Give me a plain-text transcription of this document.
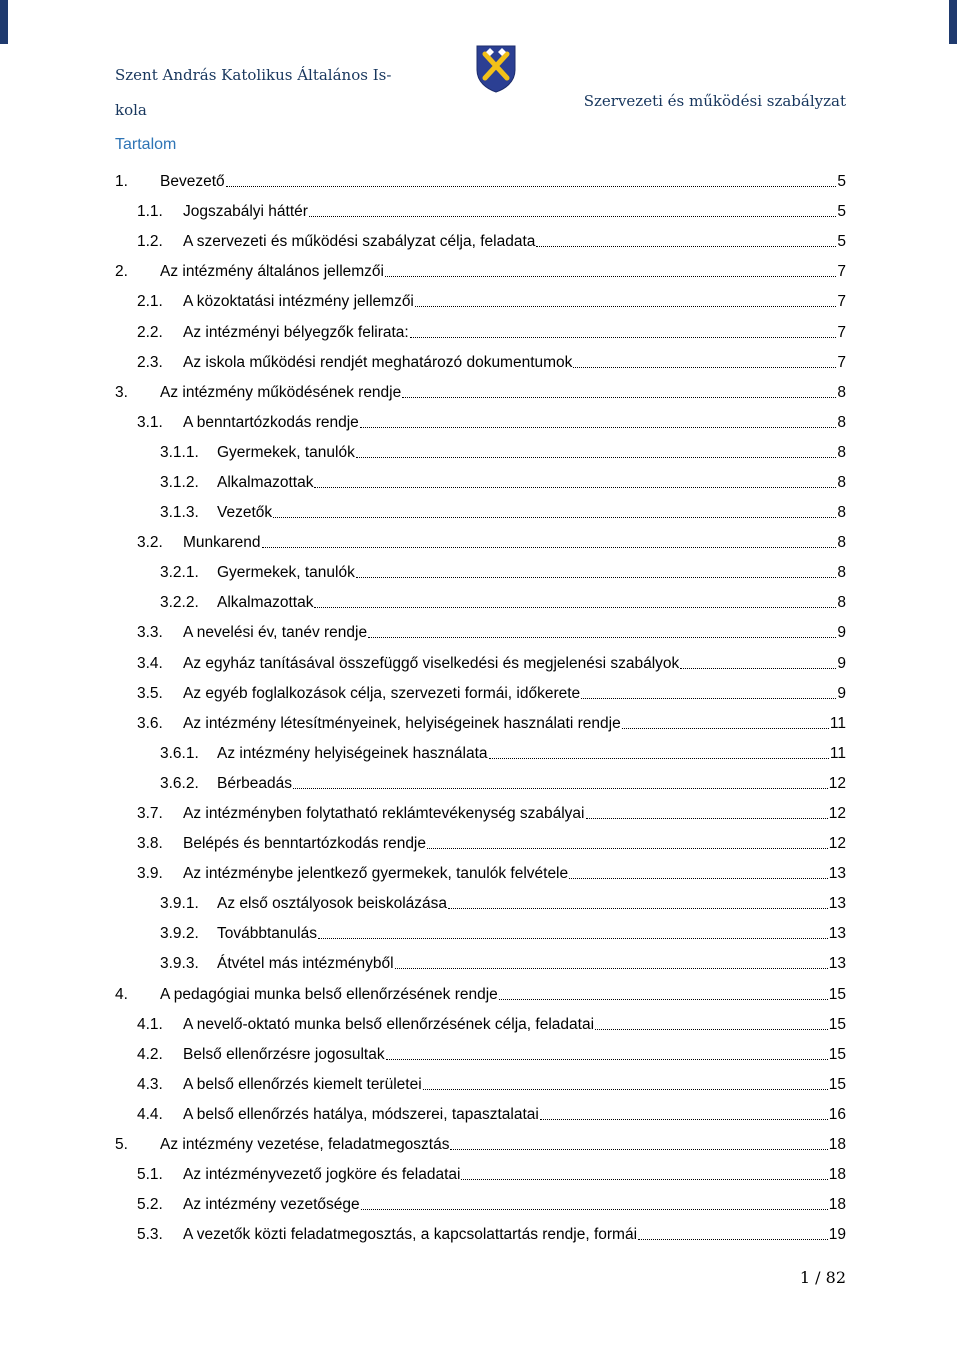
Szent András Katolikus Általános Is-
kola	Szervezeti és működési szabályzat
Tartalom
1. Bevezető	5
1.1. Jogszabályi háttér	5
1.2. A szervezeti és működési szabályzat célja, feladata	5
2. Az intézmény általános jellemzői	7
2.1. A közoktatási intézmény jellemzői	7
2.2. Az intézményi bélyegzők felirata:	7
2.3. Az iskola működési rendjét meghatározó dokumentumok	7
3. Az intézmény működésének rendje	8
3.1. A benntartózkodás rendje	8
3.1.1. Gyermekek, tanulók	8
3.1.2. Alkalmazottak	8
3.1.3. Vezetők	8
3.2. Munkarend	8
3.2.1. Gyermekek, tanulók	8
3.2.2. Alkalmazottak	8
3.3. A nevelési év, tanév rendje	9
3.4. Az egyház tanításával összefüggő viselkedési és megjelenési szabályok	9
3.5. Az egyéb foglalkozások célja, szervezeti formái, időkerete	9
3.6. Az intézmény létesítményeinek, helyiségeinek használati rendje	11
3.6.1. Az intézmény helyiségeinek használata	11
3.6.2. Bérbeadás	12
3.7. Az intézményben folytatható reklámtevékenység szabályai	12
3.8. Belépés és benntartózkodás rendje	12
3.9. Az intézménybe jelentkező gyermekek, tanulók felvétele	13
3.9.1. Az első osztályosok beiskolázása	13
3.9.2. Továbbtanulás	13
3.9.3. Átvétel más intézményből	13
4. A pedagógiai munka belső ellenőrzésének rendje	15
4.1. A nevelő-oktató munka belső ellenőrzésének célja, feladatai	15
4.2. Belső ellenőrzésre jogosultak	15
4.3. A belső ellenőrzés kiemelt területei	15
4.4. A belső ellenőrzés hatálya, módszerei, tapasztalatai	16
5. Az intézmény vezetése, feladatmegosztás	18
5.1. Az intézményvezető jogköre és feladatai	18
5.2. Az intézmény vezetősége	18
5.3. A vezetők közti feladatmegosztás, a kapcsolattartás rendje, formái	19
1 / 82
